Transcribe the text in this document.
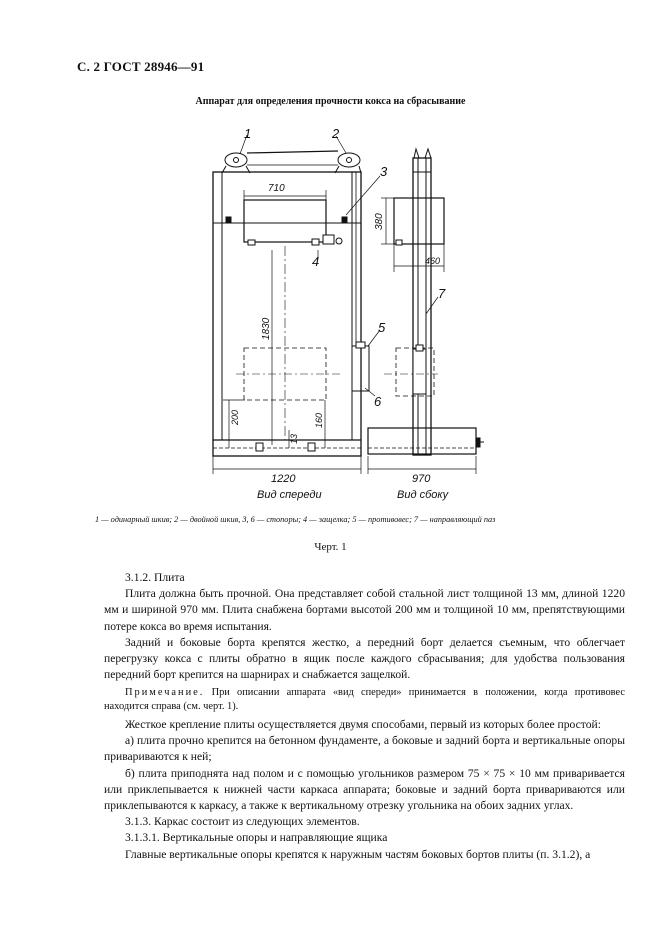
С. 2 ГОСТ 28946—91
Аппарат для определения прочности кокса на сбрасывание
1	2
3
4
5
6
7
710
380
460
1830
200	160
13
1220	970
Вид спереди	Вид сбоку
1 — одинарный шкив; 2 — двойной шкив, 3, 6 — стопоры; 4 — защелка; 5 — противовес; 7 — направляющий паз
Черт. 1

3.1.2. Плита

Плита должна быть прочной. Она представляет собой стальной лист толщиной 13 мм, длиной 1220 мм и шириной 970 мм. Плита снабжена бортами высотой 200 мм и толщиной 10 мм, препятствующими потере кокса во время испытания.

Задний и боковые борта крепятся жестко, а передний борт делается съемным, что облегчает перегрузку кокса с плиты обратно в ящик после каждого сбрасывания; для удобства пользования передний борт крепится на шарнирах и снабжается защелкой.

Примечание. При описании аппарата «вид спереди» принимается в положении, когда противовес находится справа (см. черт. 1).

Жесткое крепление плиты осуществляется двумя способами, первый из которых более простой:

а) плита прочно крепится на бетонном фундаменте, а боковые и задний борта и вертикальные опоры привариваются к ней;

б) плита приподнята над полом и с помощью угольников размером 75 × 75 × 10 мм приваривается или приклепывается к нижней части каркаса аппарата; боковые и задний борта привариваются или приклепываются к каркасу, а также к вертикальному отрезку угольника на обоих задних углах.

3.1.3. Каркас состоит из следующих элементов.

3.1.3.1. Вертикальные опоры и направляющие ящика

Главные вертикальные опоры крепятся к наружным частям боковых бортов плиты (п. 3.1.2), а
